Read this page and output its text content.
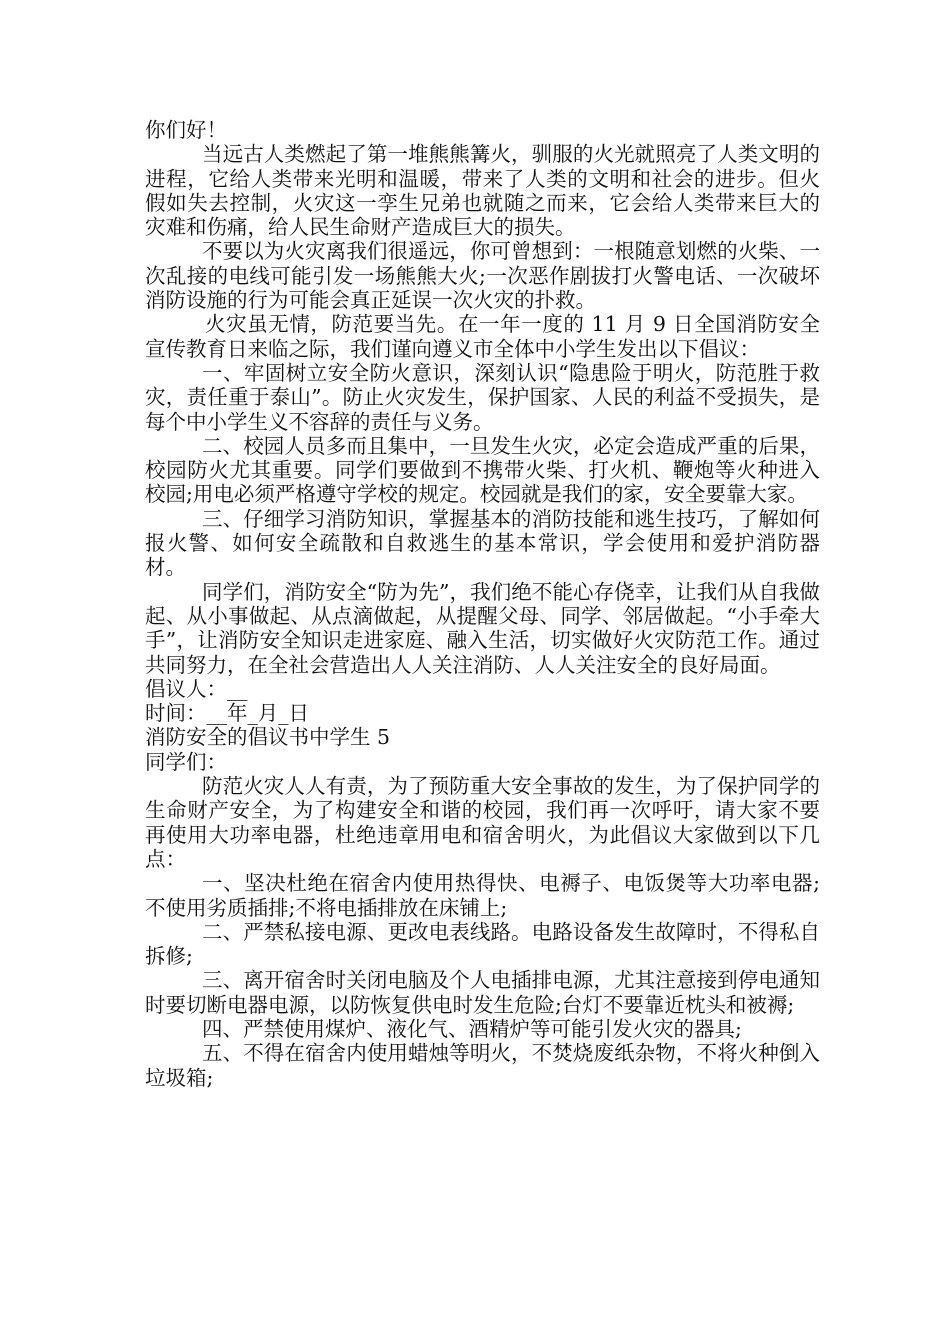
你们好！

当远古人类燃起了第一堆熊熊篝火，驯服的火光就照亮了人类文明的进程，它给人类带来光明和温暖，带来了人类的文明和社会的进步。但火假如失去控制，火灾这一孪生兄弟也就随之而来，它会给人类带来巨大的灾难和伤痛，给人民生命财产造成巨大的损失。

不要以为火灾离我们很遥远，你可曾想到：一根随意划燃的火柴、一次乱接的电线可能引发一场熊熊大火;一次恶作剧拔打火警电话、一次破坏消防设施的行为可能会真正延误一次火灾的扑救。

火灾虽无情，防范要当先。在一年一度的 11 月 9 日全国消防安全宣传教育日来临之际，我们谨向遵义市全体中小学生发出以下倡议：

一、牢固树立安全防火意识，深刻认识“隐患险于明火，防范胜于救灾，责任重于泰山”。防止火灾发生，保护国家、人民的利益不受损失，是每个中小学生义不容辞的责任与义务。

二、校园人员多而且集中，一旦发生火灾，必定会造成严重的后果，校园防火尤其重要。同学们要做到不携带火柴、打火机、鞭炮等火种进入校园;用电必须严格遵守学校的规定。校园就是我们的家，安全要靠大家。

三、仔细学习消防知识，掌握基本的消防技能和逃生技巧，了解如何报火警、如何安全疏散和自救逃生的基本常识，学会使用和爱护消防器材。

同学们，消防安全“防为先”，我们绝不能心存侥幸，让我们从自我做起、从小事做起、从点滴做起，从提醒父母、同学、邻居做起。“小手牵大手”，让消防安全知识走进家庭、融入生活，切实做好火灾防范工作。通过共同努力，在全社会营造出人人关注消防、人人关注安全的良好局面。

倡议人：__

时间：__年_月_日

消防安全的倡议书中学生 5

同学们：

防范火灾人人有责，为了预防重大安全事故的发生，为了保护同学的生命财产安全，为了构建安全和谐的校园，我们再一次呼吁，请大家不要再使用大功率电器，杜绝违章用电和宿舍明火，为此倡议大家做到以下几点：

一、坚决杜绝在宿舍内使用热得快、电褥子、电饭煲等大功率电器;不使用劣质插排;不将电插排放在床铺上;

二、严禁私接电源、更改电表线路。电路设备发生故障时，不得私自拆修;

三、离开宿舍时关闭电脑及个人电插排电源，尤其注意接到停电通知时要切断电器电源，以防恢复供电时发生危险;台灯不要靠近枕头和被褥;

四、严禁使用煤炉、液化气、酒精炉等可能引发火灾的器具;

五、不得在宿舍内使用蜡烛等明火，不焚烧废纸杂物，不将火种倒入垃圾箱;
